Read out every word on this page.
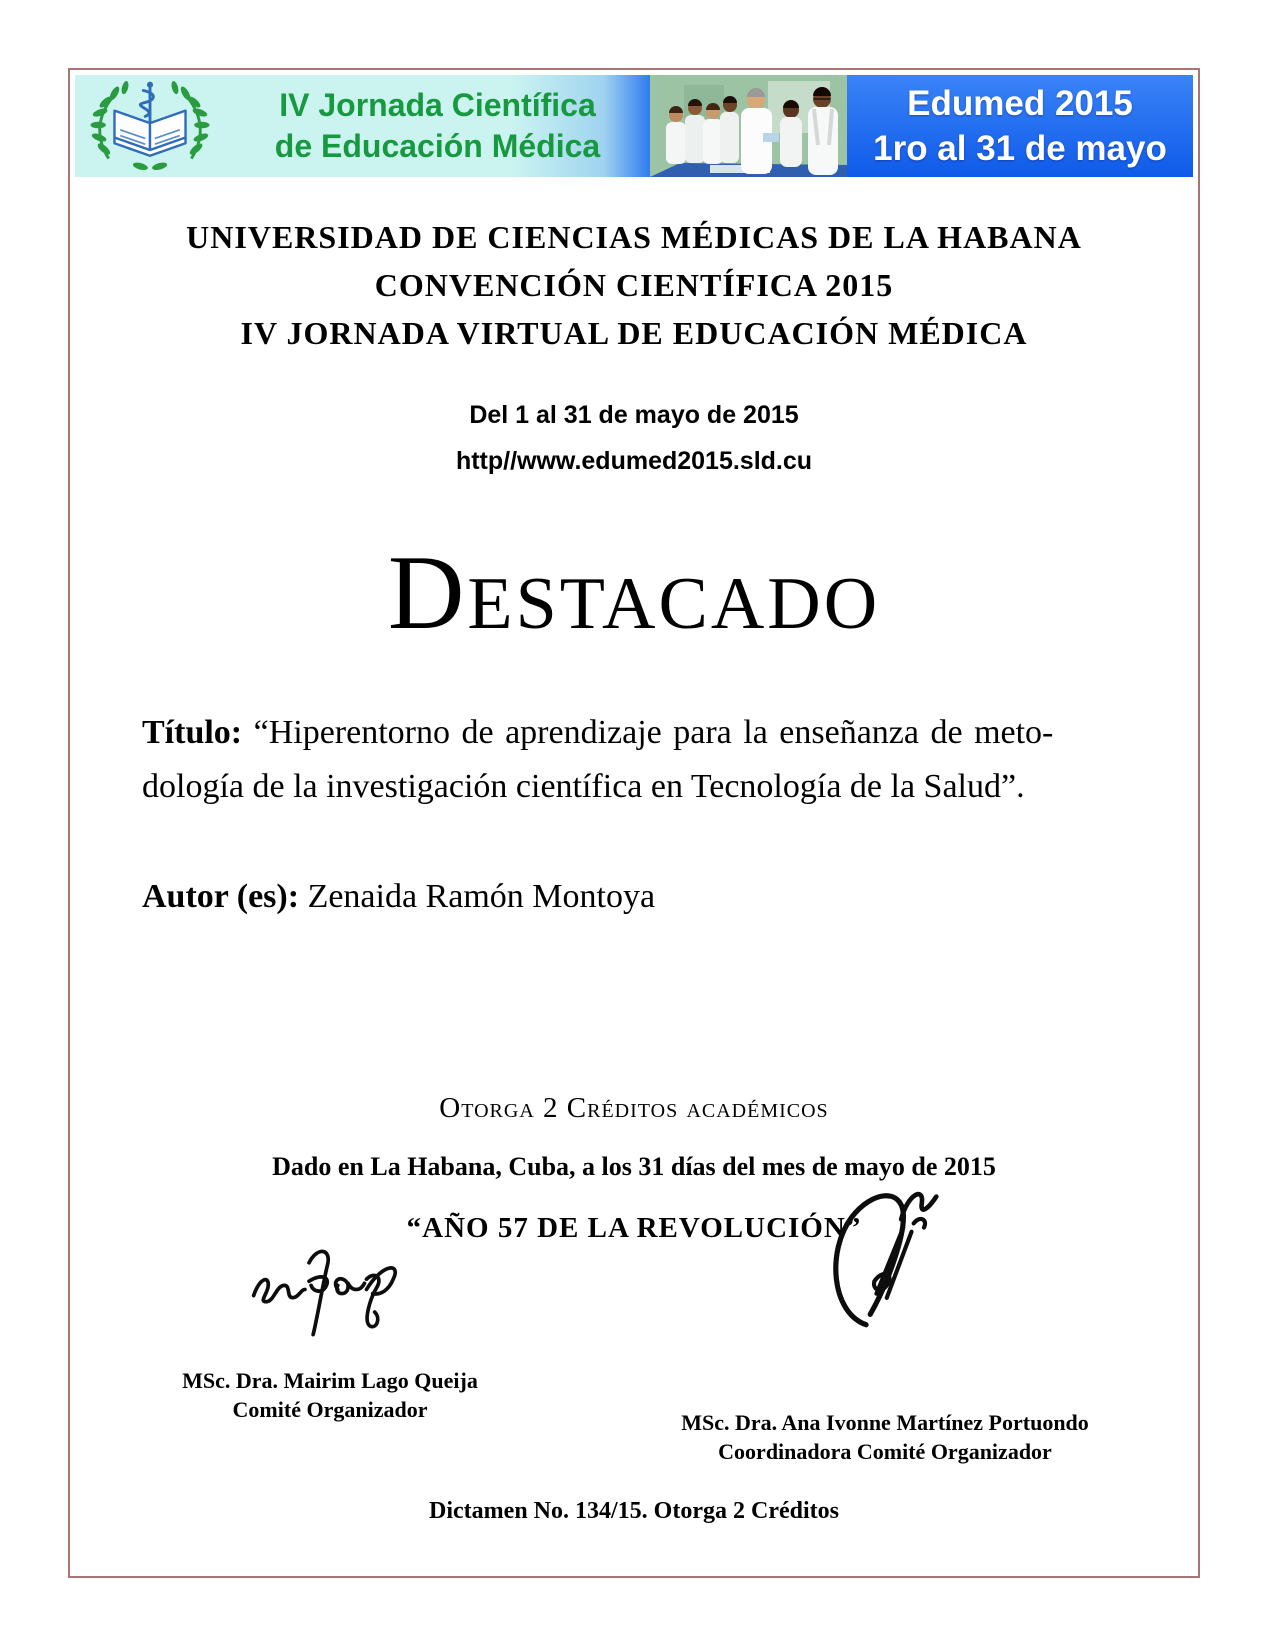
IV Jornada Científica
de Educación Médica
Edumed 2015
1ro al 31 de mayo
UNIVERSIDAD DE CIENCIAS MÉDICAS DE LA HABANA
CONVENCIÓN CIENTÍFICA 2015
IV JORNADA VIRTUAL DE EDUCACIÓN MÉDICA
Del 1 al 31 de mayo de 2015
http//www.edumed2015.sld.cu
Destacado
Título: “Hiperentorno de aprendizaje para la enseñanza de meto-
dología de la investigación científica en Tecnología de la Salud”.
Autor (es): Zenaida Ramón Montoya
Otorga 2 Créditos académicos
Dado en La Habana, Cuba, a los 31 días del mes de mayo de 2015
“AÑO 57 DE LA REVOLUCIÓN”
MSc. Dra. Mairim Lago Queija
Comité Organizador
MSc. Dra. Ana Ivonne Martínez Portuondo
Coordinadora Comité Organizador
Dictamen No. 134/15. Otorga 2 Créditos
